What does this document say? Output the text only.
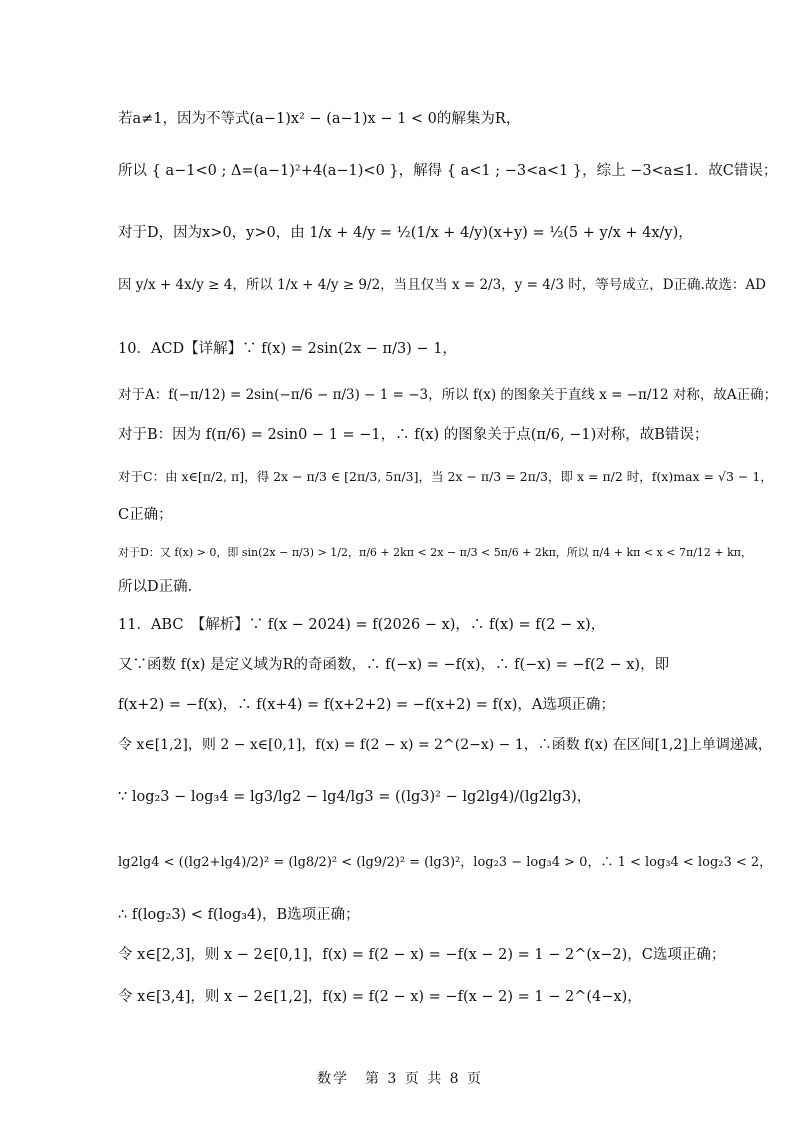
若a≠1，因为不等式(a−1)x² − (a−1)x − 1 < 0的解集为R，
所以 { a−1<0 ; Δ=(a−1)²+4(a−1)<0 }，解得 { a<1 ; −3<a<1 }，综上 −3<a≤1．故C错误；
对于D，因为x>0，y>0，由 1/x + 4/y = ½(1/x + 4/y)(x+y) = ½(5 + y/x + 4x/y)，
因 y/x + 4x/y ≥ 4，所以 1/x + 4/y ≥ 9/2，当且仅当 x = 2/3，y = 4/3 时，等号成立，D正确.故选：AD
10．ACD【详解】∵ f(x) = 2sin(2x − π/3) − 1，
对于A：f(−π/12) = 2sin(−π/6 − π/3) − 1 = −3，所以 f(x) 的图象关于直线 x = −π/12 对称，故A正确；
对于B：因为 f(π/6) = 2sin0 − 1 = −1，∴ f(x) 的图象关于点(π/6, −1)对称，故B错误；
对于C：由 x∈[π/2, π]，得 2x − π/3 ∈ [2π/3, 5π/3]，当 2x − π/3 = 2π/3，即 x = π/2 时，f(x)max = √3 − 1，
C正确；
对于D：又 f(x) > 0，即 sin(2x − π/3) > 1/2，π/6 + 2kπ < 2x − π/3 < 5π/6 + 2kπ，所以 π/4 + kπ < x < 7π/12 + kπ，
所以D正确.
11．ABC　【解析】∵ f(x − 2024) = f(2026 − x)，∴ f(x) = f(2 − x)，
又∵函数 f(x) 是定义域为R的奇函数，∴ f(−x) = −f(x)，∴ f(−x) = −f(2 − x)，即
f(x+2) = −f(x)，∴ f(x+4) = f(x+2+2) = −f(x+2) = f(x)，A选项正确；
令 x∈[1,2]，则 2 − x∈[0,1]，f(x) = f(2 − x) = 2^(2−x) − 1，∴函数 f(x) 在区间[1,2]上单调递减，
∵ log₂3 − log₃4 = lg3/lg2 − lg4/lg3 = ((lg3)² − lg2lg4)/(lg2lg3)，
lg2lg4 < ((lg2+lg4)/2)² = (lg8/2)² < (lg9/2)² = (lg3)²，log₂3 − log₃4 > 0，∴ 1 < log₃4 < log₂3 < 2，
∴ f(log₂3) < f(log₃4)，B选项正确；
令 x∈[2,3]，则 x − 2∈[0,1]，f(x) = f(2 − x) = −f(x − 2) = 1 − 2^(x−2)，C选项正确；
令 x∈[3,4]，则 x − 2∈[1,2]，f(x) = f(2 − x) = −f(x − 2) = 1 − 2^(4−x)，
数学　第 3 页 共 8 页
